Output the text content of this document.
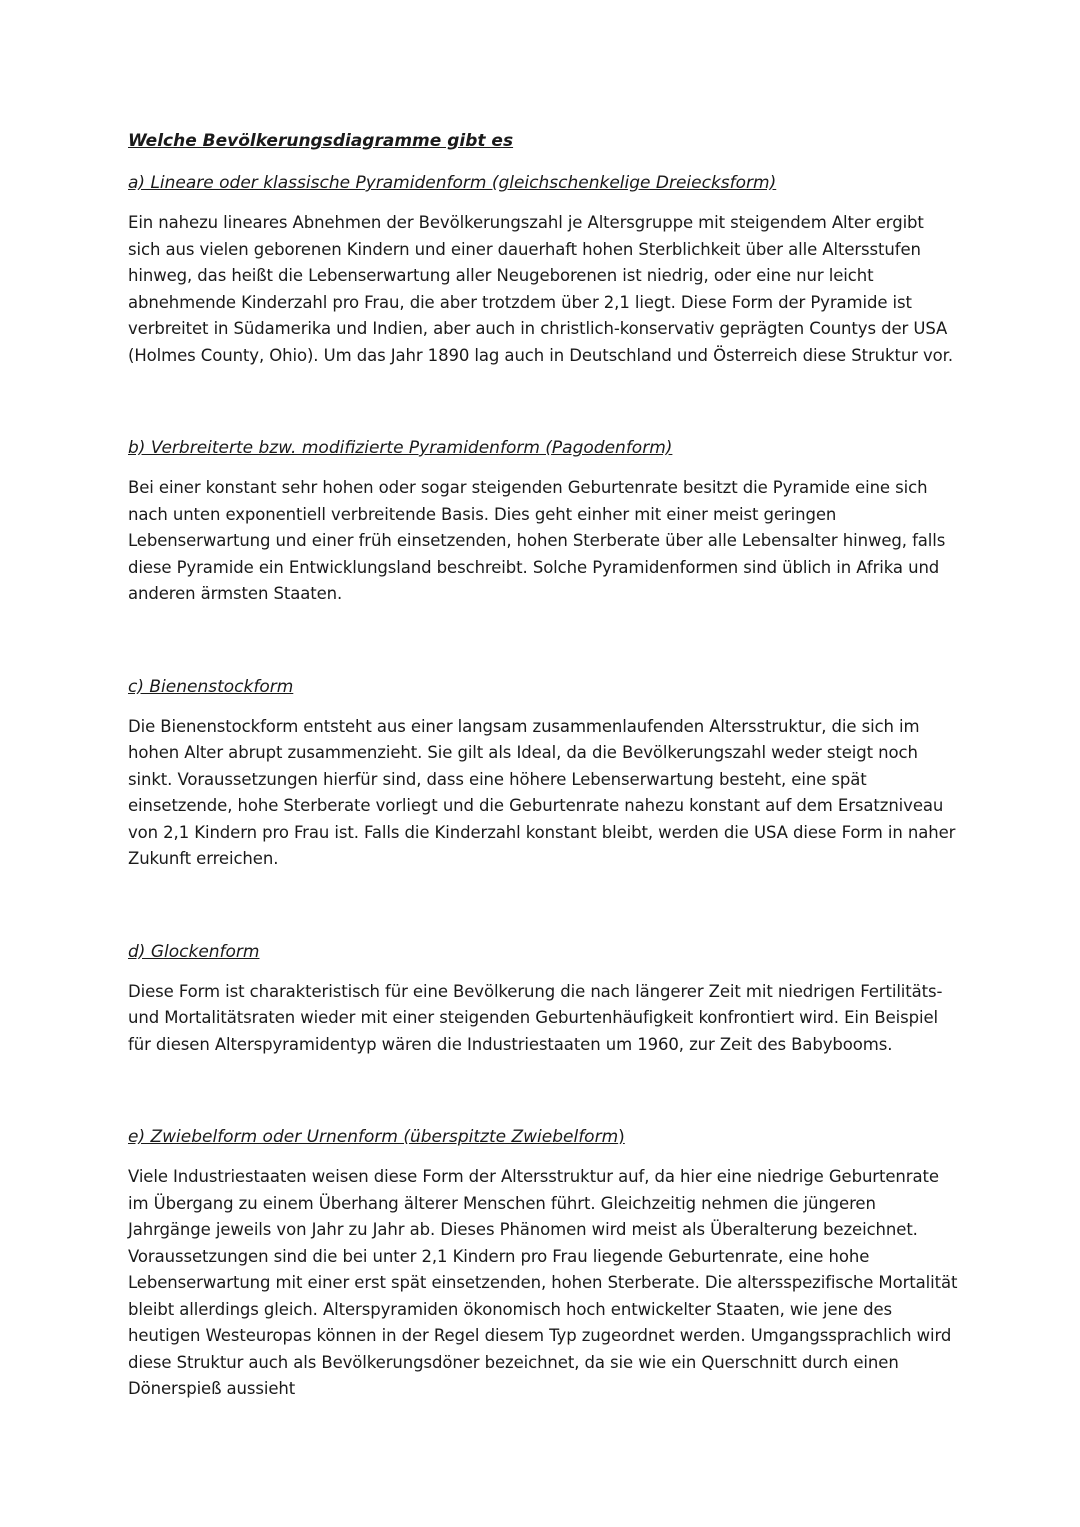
Welche Bevölkerungsdiagramme gibt es
a) Lineare oder klassische Pyramidenform (gleichschenkelige Dreiecksform)

Ein nahezu lineares Abnehmen der Bevölkerungszahl je Altersgruppe mit steigendem Alter ergibt sich aus vielen geborenen Kindern und einer dauerhaft hohen Sterblichkeit über alle Altersstufen hinweg, das heißt die Lebenserwartung aller Neugeborenen ist niedrig, oder eine nur leicht abnehmende Kinderzahl pro Frau, die aber trotzdem über 2,1 liegt. Diese Form der Pyramide ist verbreitet in Südamerika und Indien, aber auch in christlich-konservativ geprägten Countys der USA (Holmes County, Ohio). Um das Jahr 1890 lag auch in Deutschland und Österreich diese Struktur vor.

b) Verbreiterte bzw. modifizierte Pyramidenform (Pagodenform)

Bei einer konstant sehr hohen oder sogar steigenden Geburtenrate besitzt die Pyramide eine sich nach unten exponentiell verbreitende Basis. Dies geht einher mit einer meist geringen Lebenserwartung und einer früh einsetzenden, hohen Sterberate über alle Lebensalter hinweg, falls diese Pyramide ein Entwicklungsland beschreibt. Solche Pyramidenformen sind üblich in Afrika und anderen ärmsten Staaten.

c) Bienenstockform

Die Bienenstockform entsteht aus einer langsam zusammenlaufenden Altersstruktur, die sich im hohen Alter abrupt zusammenzieht. Sie gilt als Ideal, da die Bevölkerungszahl weder steigt noch sinkt. Voraussetzungen hierfür sind, dass eine höhere Lebenserwartung besteht, eine spät einsetzende, hohe Sterberate vorliegt und die Geburtenrate nahezu konstant auf dem Ersatzniveau von 2,1 Kindern pro Frau ist. Falls die Kinderzahl konstant bleibt, werden die USA diese Form in naher Zukunft erreichen.

d) Glockenform

Diese Form ist charakteristisch für eine Bevölkerung die nach längerer Zeit mit niedrigen Fertilitäts- und Mortalitätsraten wieder mit einer steigenden Geburtenhäufigkeit konfrontiert wird. Ein Beispiel für diesen Alterspyramidentyp wären die Industriestaaten um 1960, zur Zeit des Babybooms.

e) Zwiebelform oder Urnenform (überspitzte Zwiebelform)

Viele Industriestaaten weisen diese Form der Altersstruktur auf, da hier eine niedrige Geburtenrate im Übergang zu einem Überhang älterer Menschen führt. Gleichzeitig nehmen die jüngeren Jahrgänge jeweils von Jahr zu Jahr ab. Dieses Phänomen wird meist als Überalterung bezeichnet. Voraussetzungen sind die bei unter 2,1 Kindern pro Frau liegende Geburtenrate, eine hohe Lebenserwartung mit einer erst spät einsetzenden, hohen Sterberate. Die altersspezifische Mortalität bleibt allerdings gleich. Alterspyramiden ökonomisch hoch entwickelter Staaten, wie jene des heutigen Westeuropas können in der Regel diesem Typ zugeordnet werden. Umgangssprachlich wird diese Struktur auch als Bevölkerungsdöner bezeichnet, da sie wie ein Querschnitt durch einen Dönerspieß aussieht
